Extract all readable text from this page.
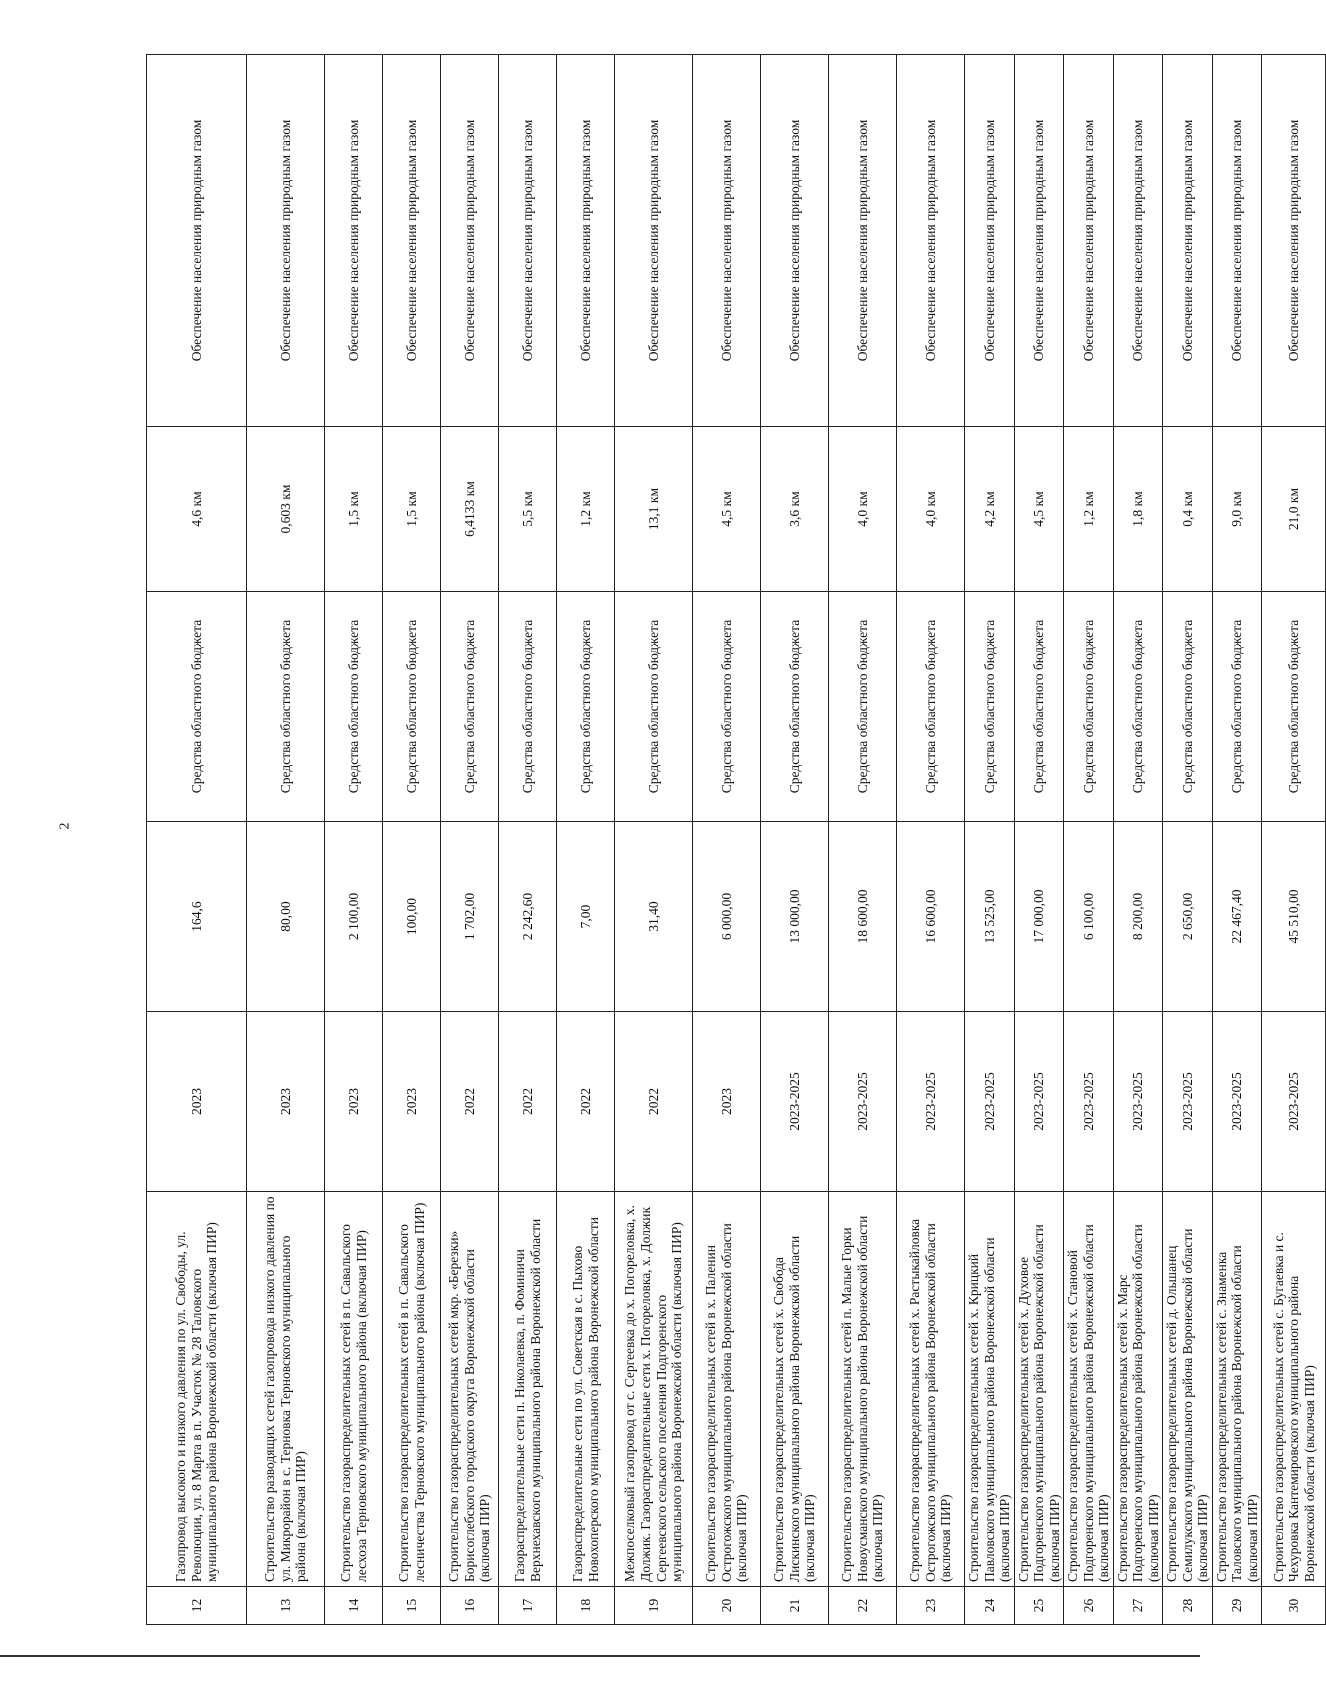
2
12	Газопровод высокого и низкого давления по ул. Свободы, ул. Революции, ул. 8 Марта в п. Участок № 28 Таловского муниципального района Воронежской области (включая ПИР)	2023	164,6	Средства областного бюджета	4,6 км	Обеспечение населения природным газом
13	Строительство разводящих сетей газопровода низкого давления по ул. Микрорайон в с. Терновка Терновского муниципального района (включая ПИР)	2023	80,00	Средства областного бюджета	0,603 км	Обеспечение населения природным газом
14	Строительство газораспределительных сетей в п. Савальского лесхоза Терновского муниципального района (включая ПИР)	2023	2 100,00	Средства областного бюджета	1,5 км	Обеспечение населения природным газом
15	Строительство газораспределительных сетей в п. Савальского лесничества Терновского муниципального района (включая ПИР)	2023	100,00	Средства областного бюджета	1,5 км	Обеспечение населения природным газом
16	Строительство газораспределительных сетей мкр. «Березки» Борисоглебского городского округа Воронежской области (включая ПИР)	2022	1 702,00	Средства областного бюджета	6,4133 км	Обеспечение населения природным газом
17	Газораспределительные сети п. Николаевка, п. Фоминичи Верхнехавского муниципального района Воронежской области	2022	2 242,60	Средства областного бюджета	5,5 км	Обеспечение населения природным газом
18	Газораспределительные сети по ул. Советская в с. Пыхово Новохоперского муниципального района Воронежской области	2022	7,00	Средства областного бюджета	1,2 км	Обеспечение населения природным газом
19	Межпоселковый газопровод от с. Сергеевка до х. Погореловка, х. Должик. Газораспределительные сети х. Погореловка, х. Должик Сергеевского сельского поселения Подгоренского муниципального района Воронежской области (включая ПИР)	2022	31,40	Средства областного бюджета	13,1 км	Обеспечение населения природным газом
20	Строительство газораспределительных сетей в х. Паленин Острогожского муниципального района Воронежской области (включая ПИР)	2023	6 000,00	Средства областного бюджета	4,5 км	Обеспечение населения природным газом
21	Строительство газораспределительных сетей х. Свобода Лискинского муниципального района Воронежской области (включая ПИР)	2023-2025	13 000,00	Средства областного бюджета	3,6 км	Обеспечение населения природным газом
22	Строительство газораспределительных сетей п. Малые Горки Новоусманского муниципального района Воронежской области (включая ПИР)	2023-2025	18 600,00	Средства областного бюджета	4,0 км	Обеспечение населения природным газом
23	Строительство газораспределительных сетей х. Растыкайловка Острогожского муниципального района Воронежской области (включая ПИР)	2023-2025	16 600,00	Средства областного бюджета	4,0 км	Обеспечение населения природным газом
24	Строительство газораспределительных сетей х. Крицкий Павловского муниципального района Воронежской области (включая ПИР)	2023-2025	13 525,00	Средства областного бюджета	4,2 км	Обеспечение населения природным газом
25	Строительство газораспределительных сетей х. Духовое Подгоренского муниципального района Воронежской области (включая ПИР)	2023-2025	17 000,00	Средства областного бюджета	4,5 км	Обеспечение населения природным газом
26	Строительство газораспределительных сетей х. Становой Подгоренского муниципального района Воронежской области (включая ПИР)	2023-2025	6 100,00	Средства областного бюджета	1,2 км	Обеспечение населения природным газом
27	Строительство газораспределительных сетей х. Марс Подгоренского муниципального района Воронежской области (включая ПИР)	2023-2025	8 200,00	Средства областного бюджета	1,8 км	Обеспечение населения природным газом
28	Строительство газораспределительных сетей д. Ольшанец Семилукского муниципального района Воронежской области (включая ПИР)	2023-2025	2 650,00	Средства областного бюджета	0,4 км	Обеспечение населения природным газом
29	Строительство газораспределительных сетей с. Знаменка Таловского муниципального района Воронежской области (включая ПИР)	2023-2025	22 467,40	Средства областного бюджета	9,0 км	Обеспечение населения природным газом
30	Строительство газораспределительных сетей с. Бугаевка и с. Чехуровка Кантемировского муниципального района Воронежской области (включая ПИР)	2023-2025	45 510,00	Средства областного бюджета	21,0 км	Обеспечение населения природным газом
